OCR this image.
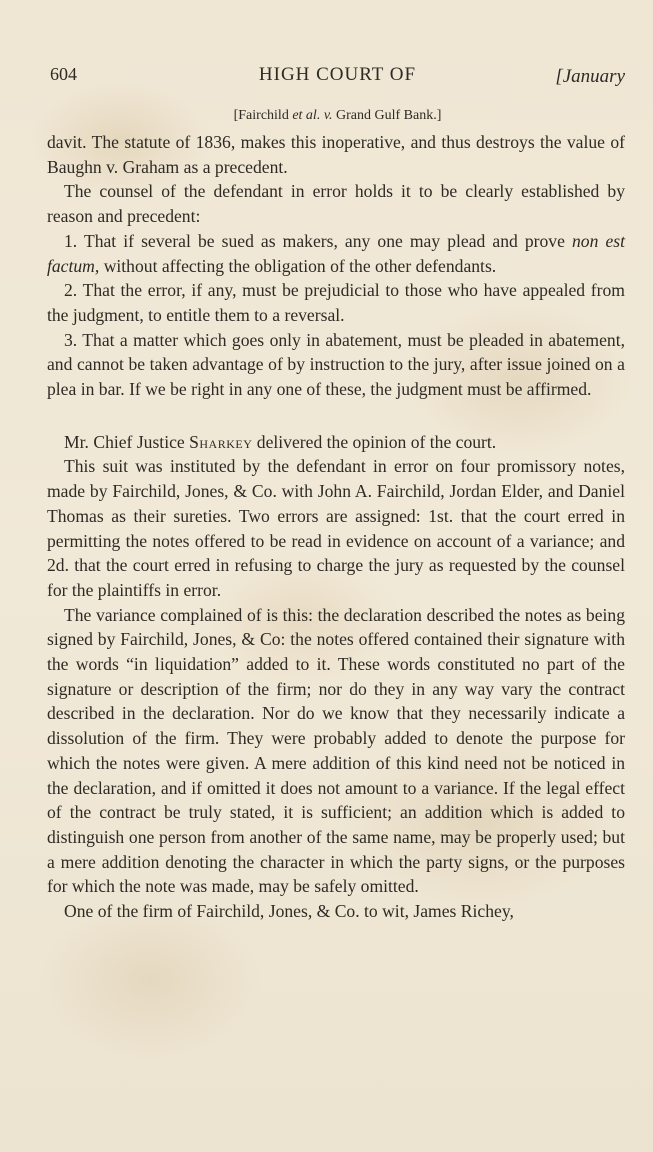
604	HIGH COURT OF	[January
[Fairchild et al. v. Grand Gulf Bank.]

davit. The statute of 1836, makes this inoperative, and thus destroys the value of Baughn v. Graham as a precedent.

The counsel of the defendant in error holds it to be clearly established by reason and precedent:

1. That if several be sued as makers, any one may plead and prove non est factum, without affecting the obligation of the other defendants.

2. That the error, if any, must be prejudicial to those who have appealed from the judgment, to entitle them to a reversal.

3. That a matter which goes only in abatement, must be pleaded in abatement, and cannot be taken advantage of by instruction to the jury, after issue joined on a plea in bar. If we be right in any one of these, the judgment must be affirmed.

Mr. Chief Justice Sharkey delivered the opinion of the court.

This suit was instituted by the defendant in error on four promissory notes, made by Fairchild, Jones, & Co. with John A. Fairchild, Jordan Elder, and Daniel Thomas as their sureties. Two errors are assigned: 1st. that the court erred in permitting the notes offered to be read in evidence on account of a variance; and 2d. that the court erred in refusing to charge the jury as requested by the counsel for the plaintiffs in error.

The variance complained of is this: the declaration described the notes as being signed by Fairchild, Jones, & Co: the notes offered contained their signature with the words “in liquidation” added to it. These words constituted no part of the signature or description of the firm; nor do they in any way vary the contract described in the declaration. Nor do we know that they necessarily indicate a dissolution of the firm. They were probably added to denote the purpose for which the notes were given. A mere addition of this kind need not be noticed in the declaration, and if omitted it does not amount to a variance. If the legal effect of the contract be truly stated, it is sufficient; an addition which is added to distinguish one person from another of the same name, may be properly used; but a mere addition denoting the character in which the party signs, or the purposes for which the note was made, may be safely omitted.

One of the firm of Fairchild, Jones, & Co. to wit, James Richey,
